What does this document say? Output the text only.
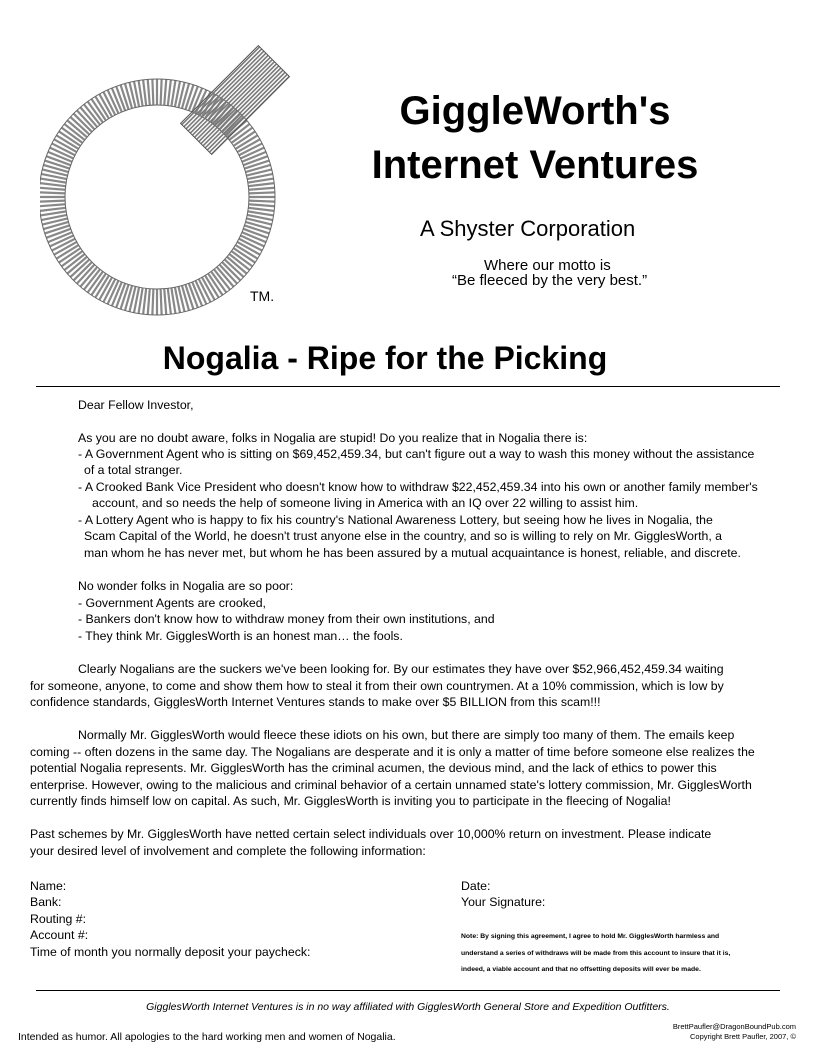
TM.
GiggleWorth's
Internet Ventures
A Shyster Corporation
Where our motto is
“Be fleeced by the very best.”
Nogalia - Ripe for the Picking
Dear Fellow Investor,
As you are no doubt aware, folks in Nogalia are stupid! Do you realize that in Nogalia there is:
- A Government Agent who is sitting on $69,452,459.34, but can't figure out a way to wash this money without the assistance
of a total stranger.
- A Crooked Bank Vice President who doesn't know how to withdraw $22,452,459.34 into his own or another family member's
account, and so needs the help of someone living in America with an IQ over 22 willing to assist him.
- A Lottery Agent who is happy to fix his country's National Awareness Lottery, but seeing how he lives in Nogalia, the
Scam Capital of the World, he doesn't trust anyone else in the country, and so is willing to rely on Mr. GigglesWorth, a
man whom he has never met, but whom he has been assured by a mutual acquaintance is honest, reliable, and discrete.
No wonder folks in Nogalia are so poor:
- Government Agents are crooked,
- Bankers don't know how to withdraw money from their own institutions, and
- They think Mr. GigglesWorth is an honest man… the fools.
Clearly Nogalians are the suckers we've been looking for. By our estimates they have over $52,966,452,459.34 waiting
for someone, anyone, to come and show them how to steal it from their own countrymen. At a 10% commission, which is low by
confidence standards, GigglesWorth Internet Ventures stands to make over $5 BILLION from this scam!!!
Normally Mr. GigglesWorth would fleece these idiots on his own, but there are simply too many of them. The emails keep
coming -- often dozens in the same day. The Nogalians are desperate and it is only a matter of time before someone else realizes the
potential Nogalia represents. Mr. GigglesWorth has the criminal acumen, the devious mind, and the lack of ethics to power this
enterprise. However, owing to the malicious and criminal behavior of a certain unnamed state's lottery commission, Mr. GigglesWorth
currently finds himself low on capital. As such, Mr. GigglesWorth is inviting you to participate in the fleecing of Nogalia!
Past schemes by Mr. GigglesWorth have netted certain select individuals over 10,000% return on investment. Please indicate
your desired level of involvement and complete the following information:
Name:
Bank:
Routing #:
Account #:
Time of month you normally deposit your paycheck:
Date:
Your Signature:
Note: By signing this agreement, I agree to hold Mr. GigglesWorth harmless and
understand a series of withdraws will be made from this account to insure that it is,
indeed, a viable account and that no offsetting deposits will ever be made.
GigglesWorth Internet Ventures is in no way affiliated with GigglesWorth General Store and Expedition Outfitters.
Intended as humor. All apologies to the hard working men and women of Nogalia.
BrettPaufler@DragonBoundPub.com
Copyright Brett Paufler, 2007, ©
